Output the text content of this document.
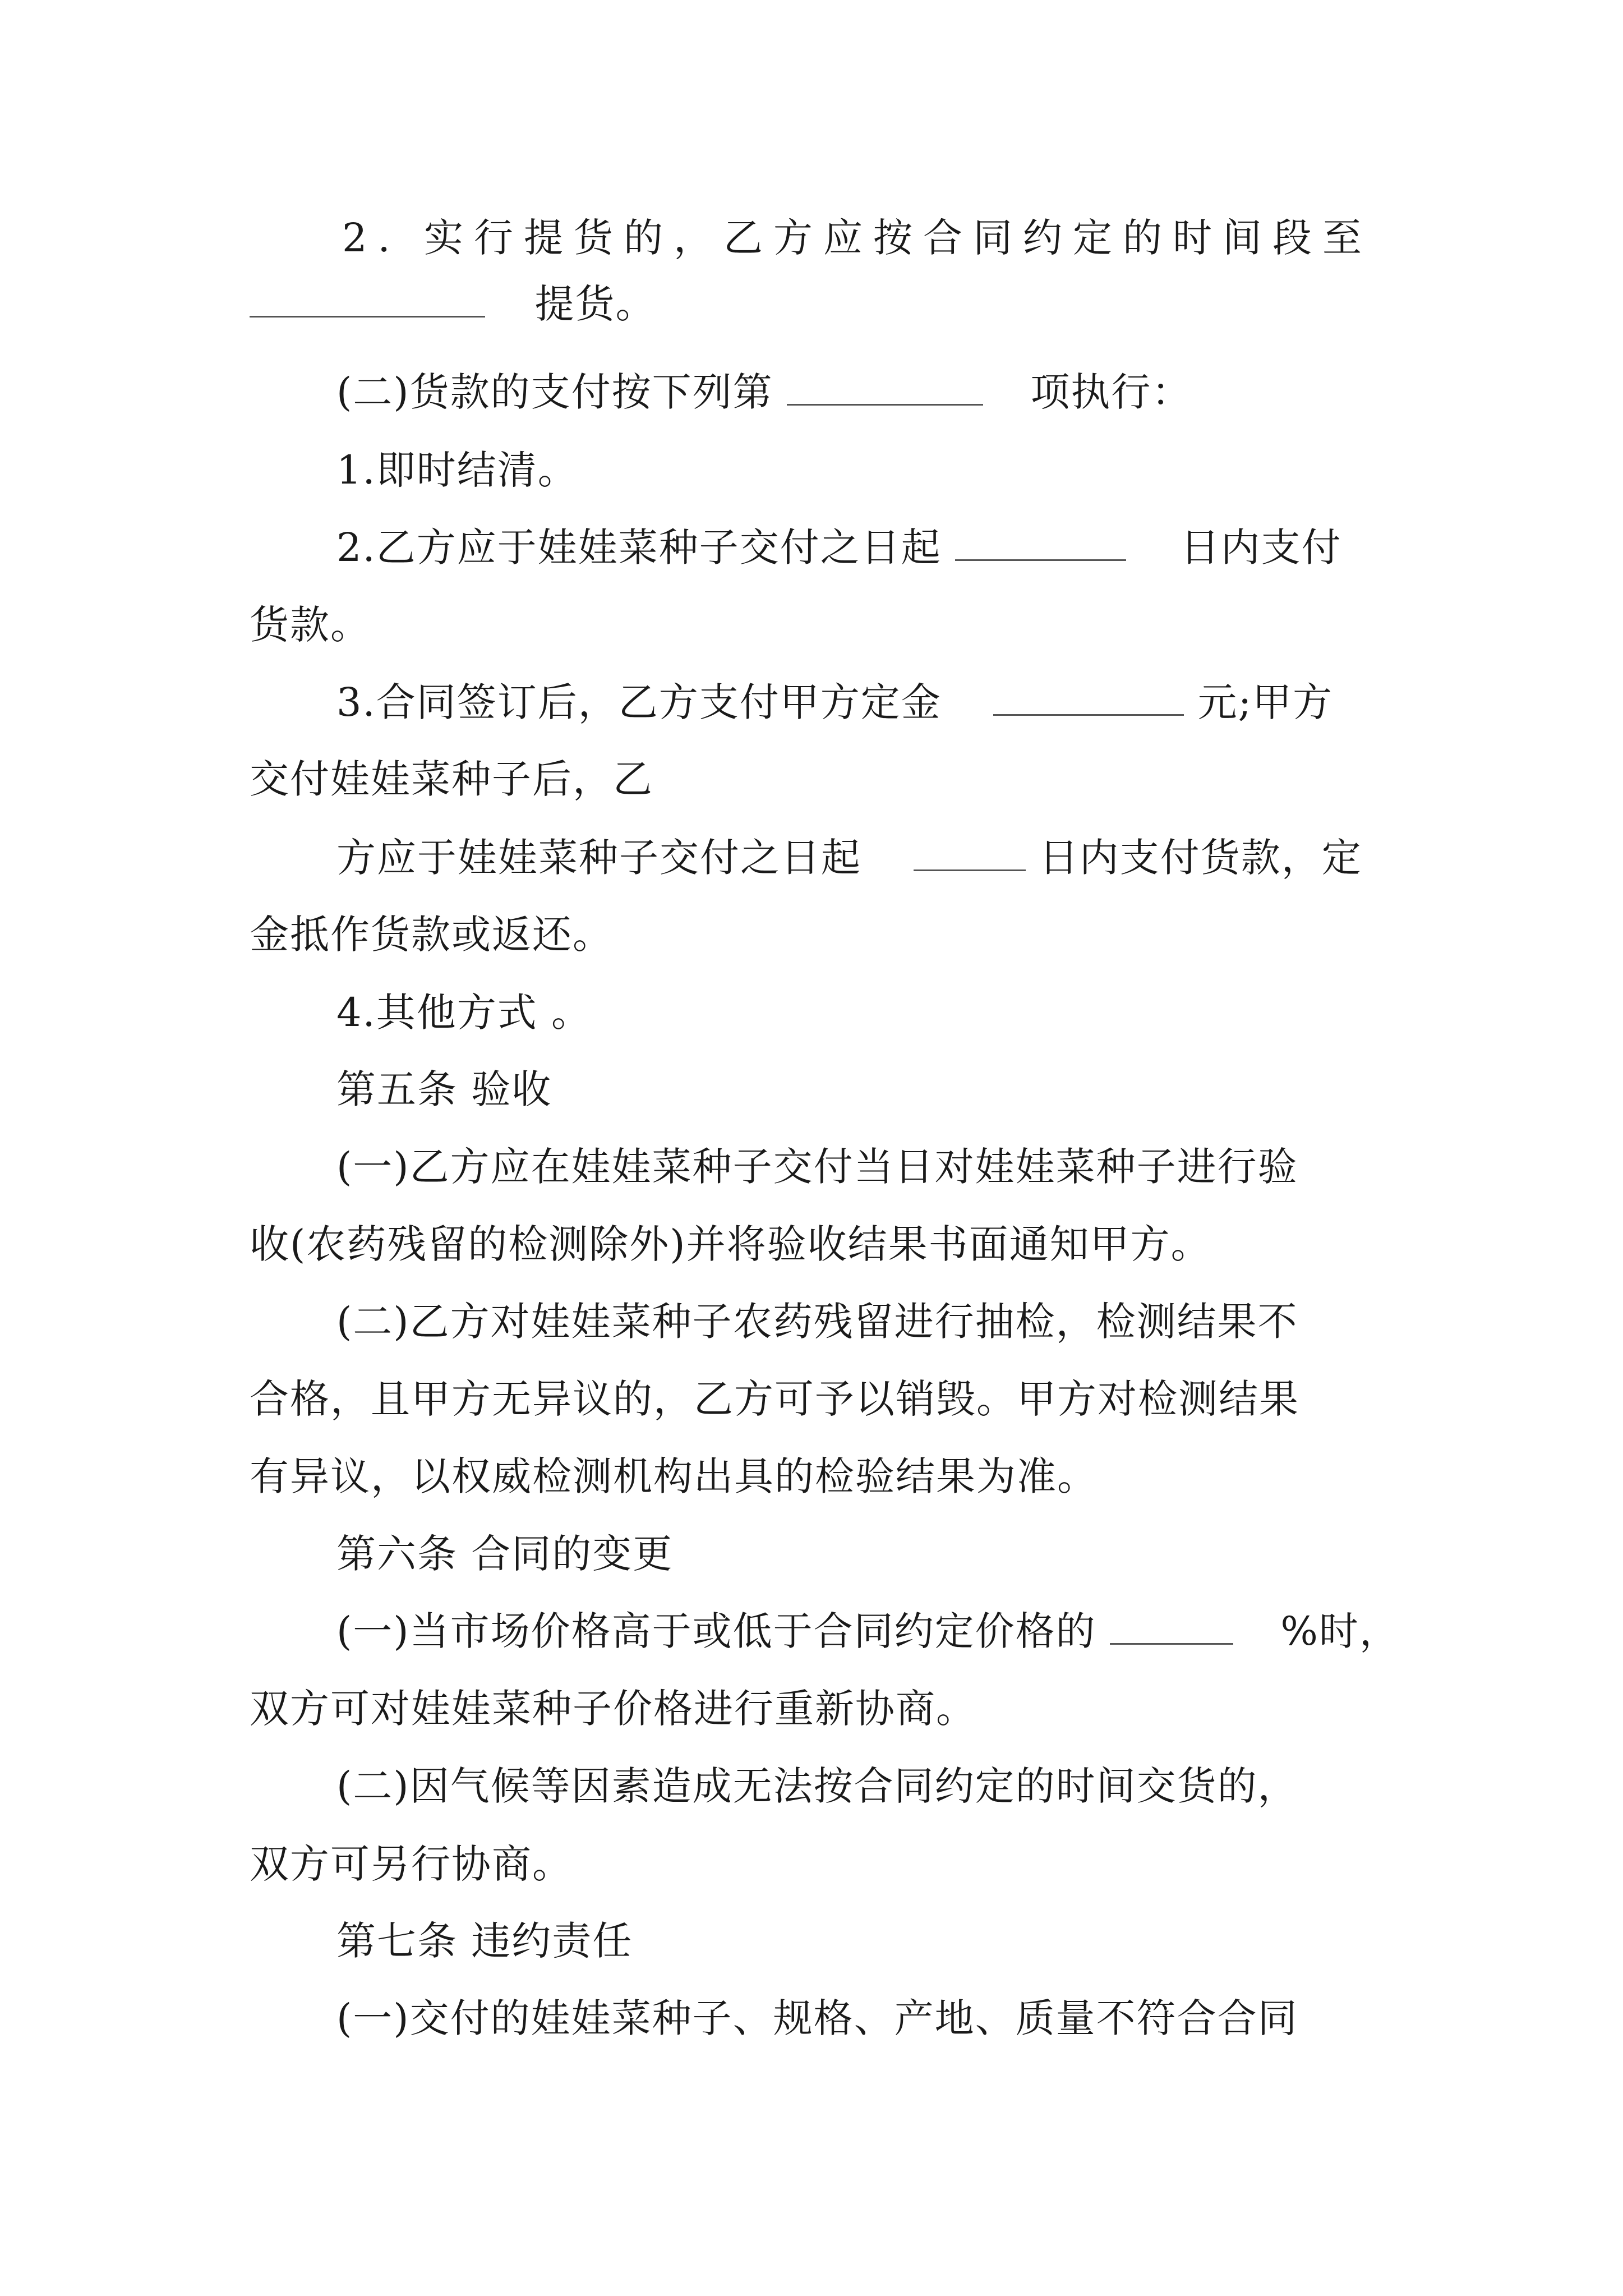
2. 实行提货的，乙方应按合同约定的时间段至
提货。
(二)货款的支付按下列第	项执行：
1.即时结清。
2.乙方应于娃娃菜种子交付之日起	日内支付
货款。
3.合同签订后，乙方支付甲方定金	元;甲方
交付娃娃菜种子后，乙
方应于娃娃菜种子交付之日起	日内支付货款，定
金抵作货款或返还。
4.其他方式 。
第五条 验收
(一)乙方应在娃娃菜种子交付当日对娃娃菜种子进行验
收(农药残留的检测除外)并将验收结果书面通知甲方。
(二)乙方对娃娃菜种子农药残留进行抽检，检测结果不
合格，且甲方无异议的，乙方可予以销毁。甲方对检测结果
有异议，以权威检测机构出具的检验结果为准。
第六条 合同的变更
(一)当市场价格高于或低于合同约定价格的	%时，
双方可对娃娃菜种子价格进行重新协商。
(二)因气候等因素造成无法按合同约定的时间交货的，
双方可另行协商。
第七条 违约责任
(一)交付的娃娃菜种子、规格、产地、质量不符合合同
